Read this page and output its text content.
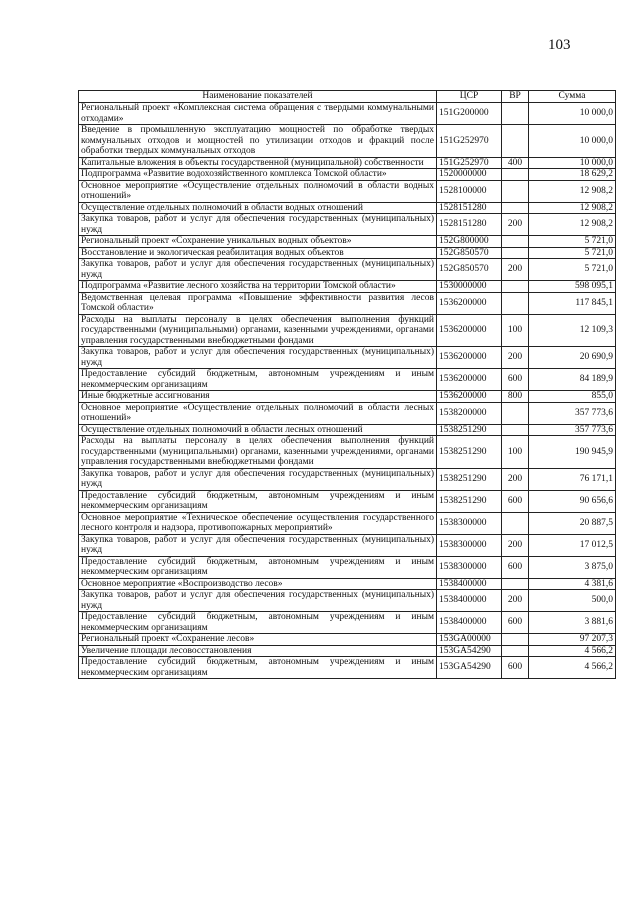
103
Наименование показателей	ЦСР	ВР	Сумма
Региональный проект «Комплексная система обращения с твердыми коммунальными отходами»	151G200000		10 000,0
Введение в промышленную эксплуатацию мощностей по обработке твердых коммунальных отходов и мощностей по утилизации отходов и фракций после обработки твердых коммунальных отходов	151G252970		10 000,0
Капитальные вложения в объекты государственной (муниципальной) собственности	151G252970	400	10 000,0
Подпрограмма «Развитие водохозяйственного комплекса Томской области»	1520000000		18 629,2
Основное мероприятие «Осуществление отдельных полномочий в области водных отношений»	1528100000		12 908,2
Осуществление отдельных полномочий в области водных отношений	1528151280		12 908,2
Закупка товаров, работ и услуг для обеспечения государственных (муниципальных) нужд	1528151280	200	12 908,2
Региональный проект «Сохранение уникальных водных объектов»	152G800000		5 721,0
Восстановление и экологическая реабилитация водных объектов	152G850570		5 721,0
Закупка товаров, работ и услуг для обеспечения государственных (муниципальных) нужд	152G850570	200	5 721,0
Подпрограмма «Развитие лесного хозяйства на территории Томской области»	1530000000		598 095,1
Ведомственная целевая программа «Повышение эффективности развития лесов Томской области»	1536200000		117 845,1
Расходы на выплаты персоналу в целях обеспечения выполнения функций государственными (муниципальными) органами, казенными учреждениями, органами управления государственными внебюджетными фондами	1536200000	100	12 109,3
Закупка товаров, работ и услуг для обеспечения государственных (муниципальных) нужд	1536200000	200	20 690,9
Предоставление субсидий бюджетным, автономным учреждениям и иным некоммерческим организациям	1536200000	600	84 189,9
Иные бюджетные ассигнования	1536200000	800	855,0
Основное мероприятие «Осуществление отдельных полномочий в области лесных отношений»	1538200000		357 773,6
Осуществление отдельных полномочий в области лесных отношений	1538251290		357 773,6
Расходы на выплаты персоналу в целях обеспечения выполнения функций государственными (муниципальными) органами, казенными учреждениями, органами управления государственными внебюджетными фондами	1538251290	100	190 945,9
Закупка товаров, работ и услуг для обеспечения государственных (муниципальных) нужд	1538251290	200	76 171,1
Предоставление субсидий бюджетным, автономным учреждениям и иным некоммерческим организациям	1538251290	600	90 656,6
Основное мероприятие «Техническое обеспечение осуществления государственного лесного контроля и надзора, противопожарных мероприятий»	1538300000		20 887,5
Закупка товаров, работ и услуг для обеспечения государственных (муниципальных) нужд	1538300000	200	17 012,5
Предоставление субсидий бюджетным, автономным учреждениям и иным некоммерческим организациям	1538300000	600	3 875,0
Основное мероприятие «Воспроизводство лесов»	1538400000		4 381,6
Закупка товаров, работ и услуг для обеспечения государственных (муниципальных) нужд	1538400000	200	500,0
Предоставление субсидий бюджетным, автономным учреждениям и иным некоммерческим организациям	1538400000	600	3 881,6
Региональный проект «Сохранение лесов»	153GA00000		97 207,3
Увеличение площади лесовосстановления	153GA54290		4 566,2
Предоставление субсидий бюджетным, автономным учреждениям и иным некоммерческим организациям	153GA54290	600	4 566,2
